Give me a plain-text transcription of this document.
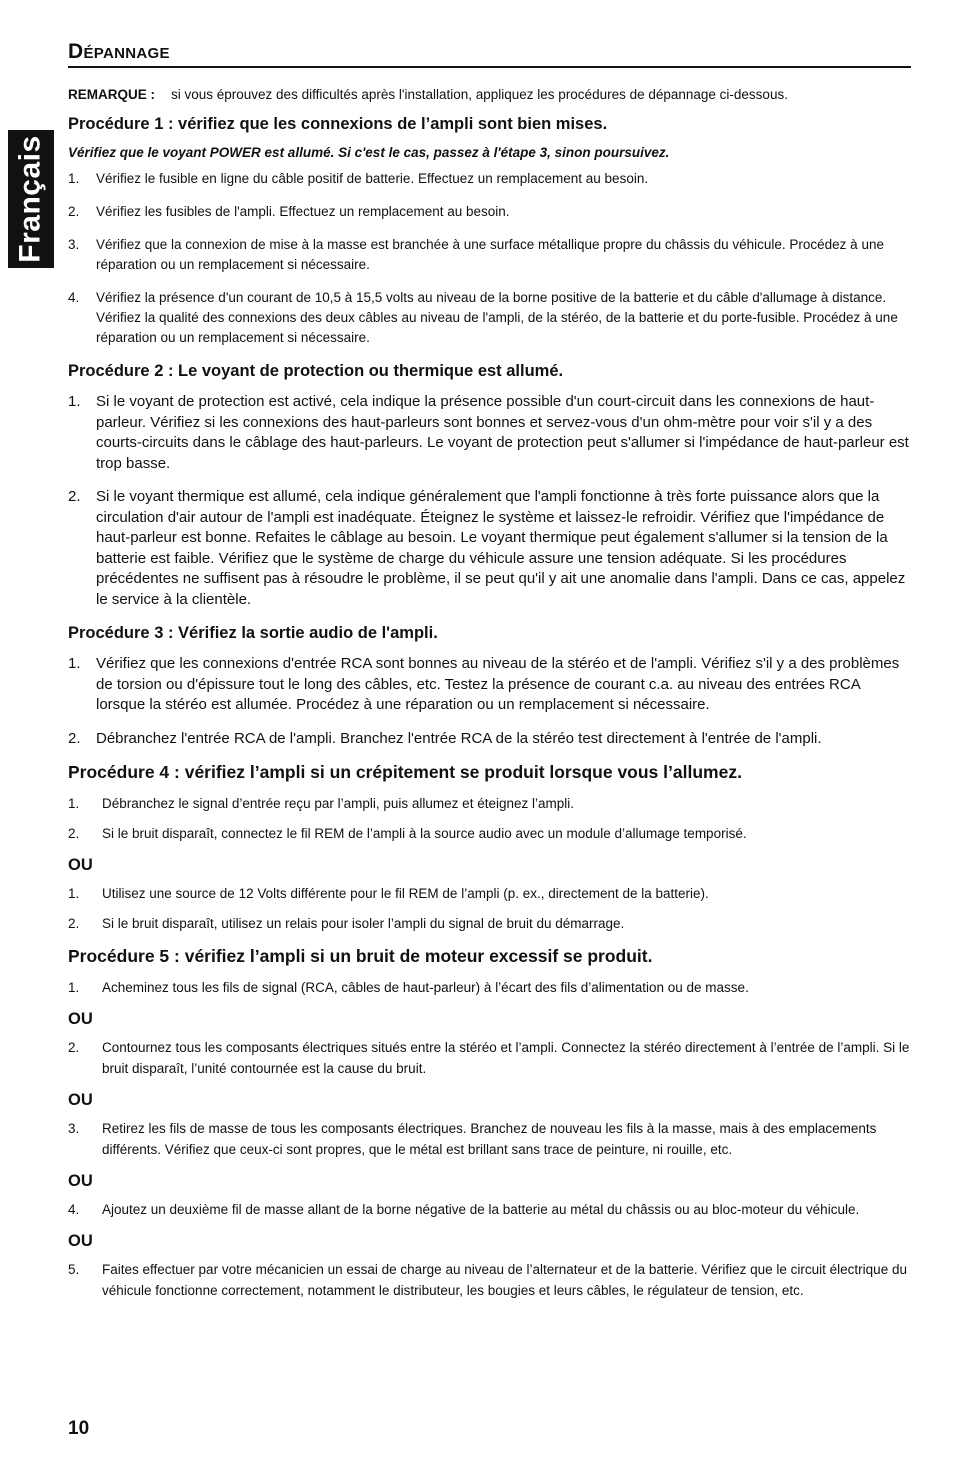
Français
Dépannage

REMARQUE : si vous éprouvez des difficultés après l'installation, appliquez les procédures de dépannage ci-dessous.

Procédure 1 : vérifiez que les connexions de l’ampli sont bien mises.

Vérifiez que le voyant POWER est allumé. Si c'est le cas, passez à l'étape 3, sinon poursuivez.

1.	Vérifiez le fusible en ligne du câble positif de batterie. Effectuez un remplacement au besoin.
2.	Vérifiez les fusibles de l'ampli. Effectuez un remplacement au besoin.
3.	Vérifiez que la connexion de mise à la masse est branchée à une surface métallique propre du châssis du véhicule. Procédez à une réparation ou un remplacement si nécessaire.
4.	Vérifiez la présence d'un courant de 10,5 à 15,5 volts au niveau de la borne positive de la batterie et du câble d'allumage à distance. Vérifiez la qualité des connexions des deux câbles au niveau de l'ampli, de la stéréo, de la batterie et du porte-fusible. Procédez à une réparation ou un remplacement si nécessaire.
Procédure 2 : Le voyant de protection ou thermique est allumé.
1.	Si le voyant de protection est activé, cela indique la présence possible d'un court-circuit dans les connexions de haut-parleur. Vérifiez si les connexions des haut-parleurs sont bonnes et servez-vous d'un ohm-mètre pour voir s'il y a des courts-circuits dans le câblage des haut-parleurs. Le voyant de protection peut s'allumer si l'impédance de haut-parleur est trop basse.
2.	Si le voyant thermique est allumé, cela indique généralement que l'ampli fonctionne à très forte puissance alors que la circulation d'air autour de l'ampli est inadéquate. Éteignez le système et laissez-le refroidir. Vérifiez que l'impédance de haut-parleur est bonne. Refaites le câblage au besoin. Le voyant thermique peut également s'allumer si la tension de la batterie est faible. Vérifiez que le système de charge du véhicule assure une tension adéquate. Si les procédures précédentes ne suffisent pas à résoudre le problème, il se peut qu'il y ait une anomalie dans l'ampli. Dans ce cas, appelez le service à la clientèle.
Procédure 3 : Vérifiez la sortie audio de l'ampli.
1.	Vérifiez que les connexions d'entrée RCA sont bonnes au niveau de la stéréo et de l'ampli. Vérifiez s'il y a des problèmes de torsion ou d'épissure tout le long des câbles, etc. Testez la présence de courant c.a. au niveau des entrées RCA lorsque la stéréo est allumée. Procédez à une réparation ou un remplacement si nécessaire.
2.	Débranchez l'entrée RCA de l'ampli. Branchez l'entrée RCA de la stéréo test directement à l'entrée de l'ampli.
Procédure 4 : vérifiez l’ampli si un crépitement se produit lorsque vous l’allumez.
1.	Débranchez le signal d’entrée reçu par l’ampli, puis allumez et éteignez l’ampli.
2.	Si le bruit disparaît, connectez le fil REM de l’ampli à la source audio avec un module d’allumage temporisé.

OU

1.	Utilisez une source de 12 Volts différente pour le fil REM de l’ampli (p. ex., directement de la batterie).
2.	Si le bruit disparaît, utilisez un relais pour isoler l’ampli du signal de bruit du démarrage.
Procédure 5 : vérifiez l’ampli si un bruit de moteur excessif se produit.
1.	Acheminez tous les fils de signal (RCA, câbles de haut-parleur) à l’écart des fils d’alimentation ou de masse.

OU

2.	Contournez tous les composants électriques situés entre la stéréo et l’ampli. Connectez la stéréo directement à l’entrée de l’ampli. Si le bruit disparaît, l’unité contournée est la cause du bruit.

OU

3.	Retirez les fils de masse de tous les composants électriques. Branchez de nouveau les fils à la masse, mais à des emplacements différents. Vérifiez que ceux-ci sont propres, que le métal est brillant sans trace de peinture, ni rouille, etc.

OU

4.	Ajoutez un deuxième fil de masse allant de la borne négative de la batterie au métal du châssis ou au bloc-moteur du véhicule.

OU

5.	Faites effectuer par votre mécanicien un essai de charge au niveau de l’alternateur et de la batterie. Vérifiez que le circuit électrique du véhicule fonctionne correctement, notamment le distributeur, les bougies et leurs câbles, le régulateur de tension, etc.
10
